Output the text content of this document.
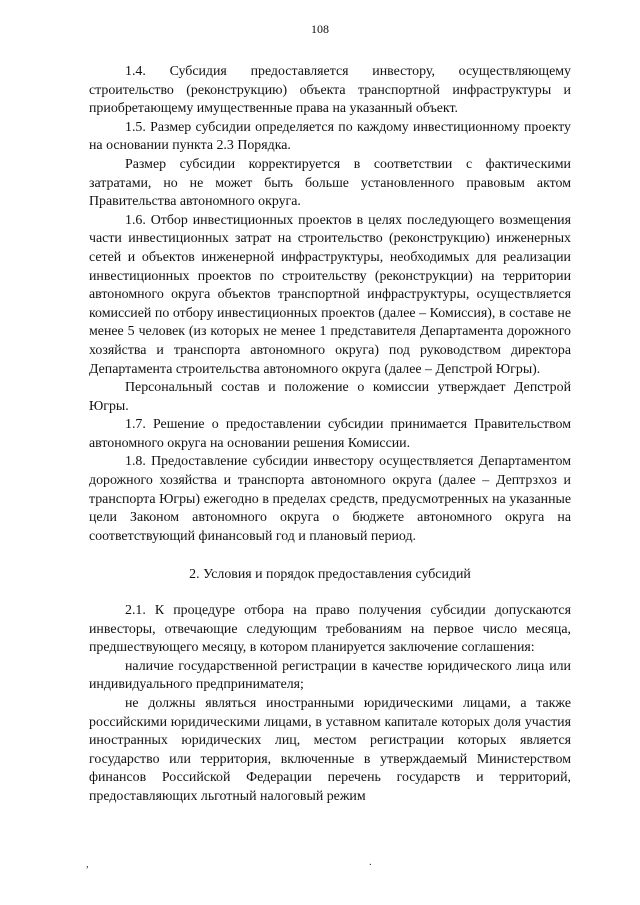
108

1.4. Субсидия предоставляется инвестору, осуществляющему строительство (реконструкцию) объекта транспортной инфраструктуры и приобретающему имущественные права на указанный объект.

1.5. Размер субсидии определяется по каждому инвестиционному проекту на основании пункта 2.3 Порядка.

Размер субсидии корректируется в соответствии с фактическими затратами, но не может быть больше установленного правовым актом Правительства автономного округа.

1.6. Отбор инвестиционных проектов в целях последующего возмещения части инвестиционных затрат на строительство (реконструкцию) инженерных сетей и объектов инженерной инфраструктуры, необходимых для реализации инвестиционных проектов по строительству (реконструкции) на территории автономного округа объектов транспортной инфраструктуры, осуществляется комиссией по отбору инвестиционных проектов (далее – Комиссия), в составе не менее 5 человек (из которых не менее 1 представителя Департамента дорожного хозяйства и транспорта автономного округа) под руководством директора Департамента строительства автономного округа (далее – Депстрой Югры).

Персональный состав и положение о комиссии утверждает Депстрой Югры.

1.7. Решение о предоставлении субсидии принимается Правительством автономного округа на основании решения Комиссии.

1.8. Предоставление субсидии инвестору осуществляется Департаментом дорожного хозяйства и транспорта автономного округа (далее – Дептрзхоз и транспорта Югры) ежегодно в пределах средств, предусмотренных на указанные цели Законом автономного округа о бюджете автономного округа на соответствующий финансовый год и плановый период.

2. Условия и порядок предоставления субсидий

2.1. К процедуре отбора на право получения субсидии допускаются инвесторы, отвечающие следующим требованиям на первое число месяца, предшествующего месяцу, в котором планируется заключение соглашения:

наличие государственной регистрации в качестве юридического лица или индивидуального предпринимателя;

не должны являться иностранными юридическими лицами, а также российскими юридическими лицами, в уставном капитале которых доля участия иностранных юридических лиц, местом регистрации которых является государство или территория, включенные в утверждаемый Министерством финансов Российской Федерации перечень государств и территорий, предоставляющих льготный налоговый режим

,	.
